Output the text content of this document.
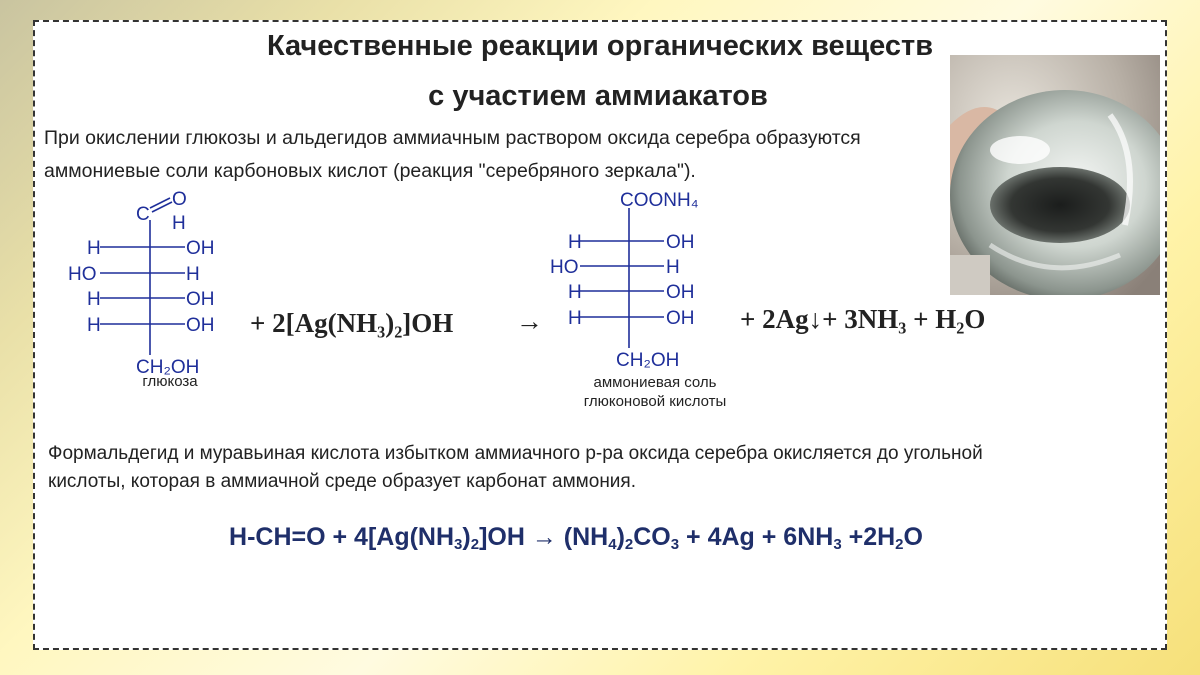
Качественные реакции органических веществ
с участием аммиакатов
При окислении глюкозы и альдегидов аммиачным раствором оксида серебра образуются
аммониевые соли карбоновых кислот (реакция "серебряного зеркала").
C
O
H
H	OH
HO	H
H	OH
H	OH
CH₂OH
глюкоза
+ 2[Ag(NH₃)₂]OH →
COONH₄
H	OH
HO	H
H	OH
H	OH
CH₂OH
аммониевая соль
глюконовой кислоты
+ 2Ag↓+ 3NH₃ + H₂O
Формальдегид и муравьиная кислота избытком аммиачного р-ра оксида серебра окисляется до угольной
кислоты, которая в аммиачной среде образует карбонат аммония.
$H-CH=O + 4[Ag(NH_3)_2]OH \to (NH_4)_2CO_3 + 4Ag + 6NH_3 +2H_2O$
